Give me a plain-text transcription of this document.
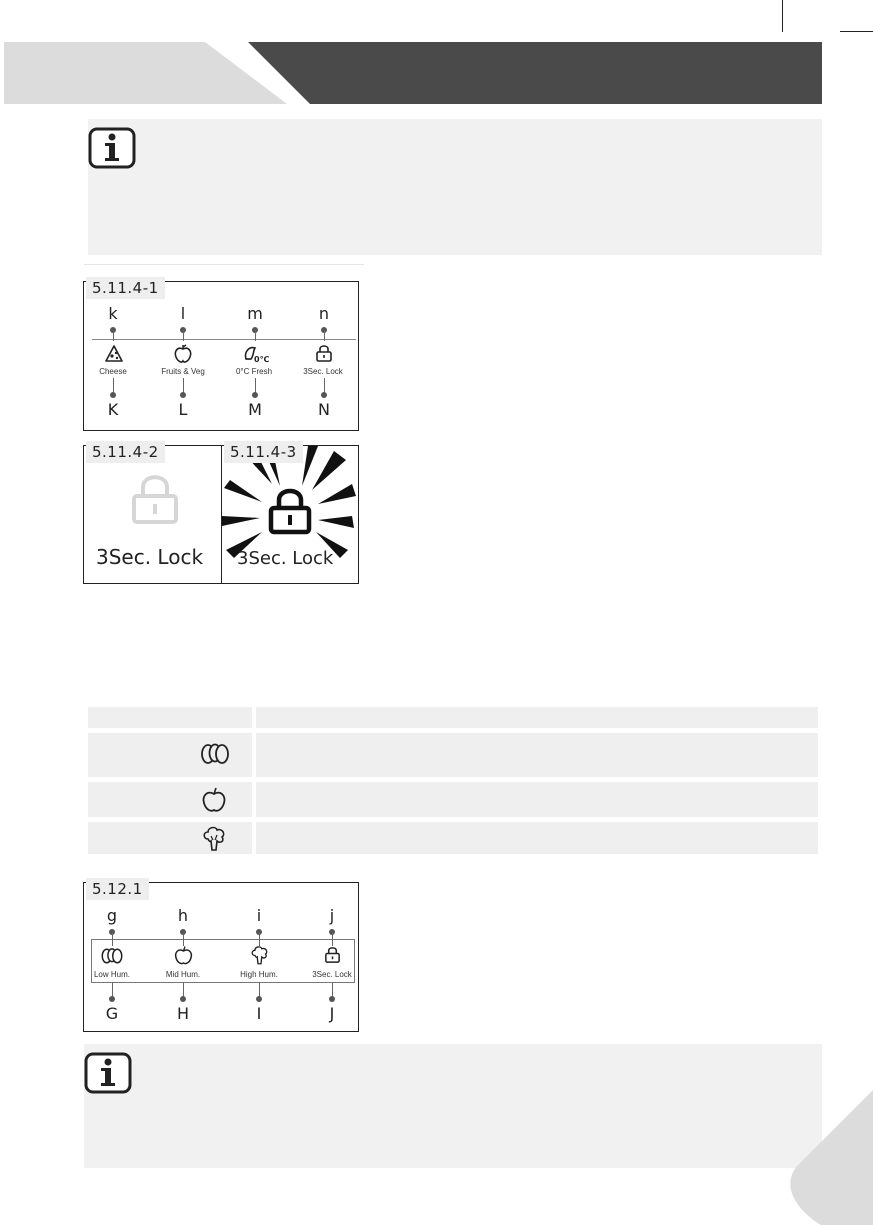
5.11.4-1
k	l	m	n
0℃
Cheese	Fruits & Veg	0°C Fresh	3Sec. Lock
K	L	M	N
5.11.4-2
3Sec. Lock
5.11.4-3
3Sec. Lock
5.12.1
g	h	i	j
Low Hum.	Mid Hum.	High Hum.	3Sec. Lock
G	H	I	J
